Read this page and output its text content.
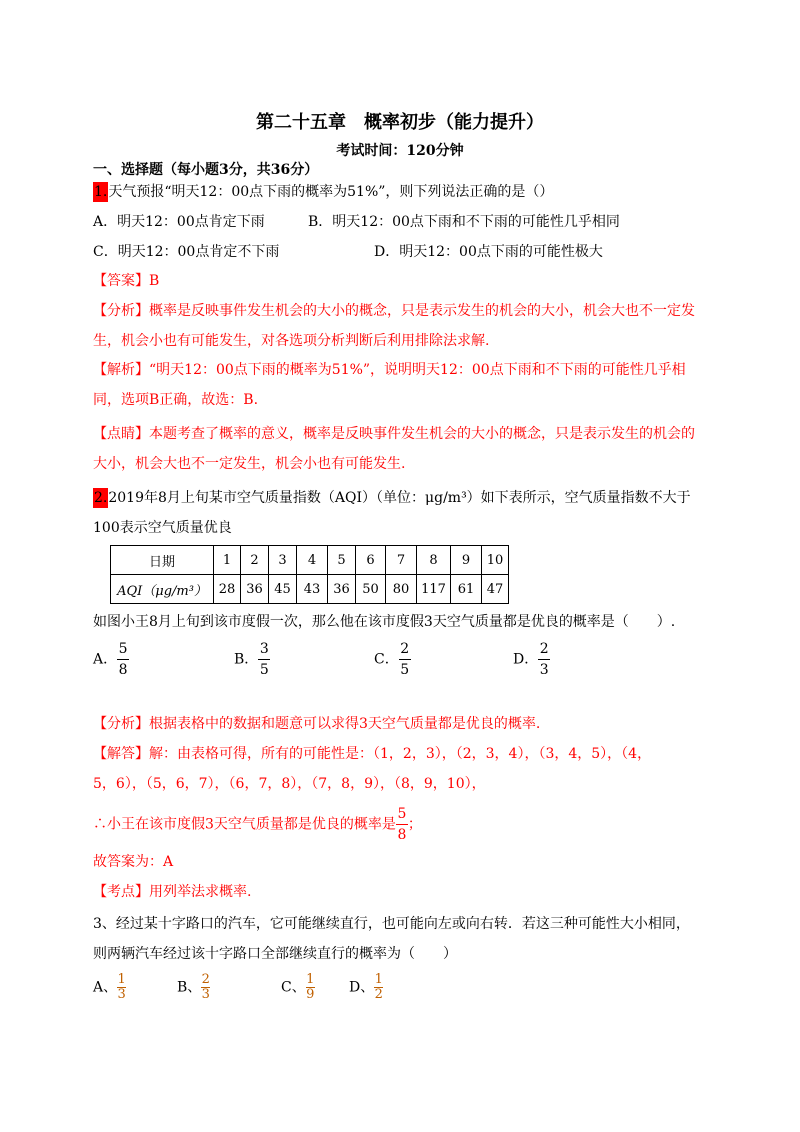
第二十五章　概率初步（能力提升）
考试时间：120分钟
一、选择题（每小题3分，共36分）
1.天气预报“明天12：00点下雨的概率为51%”，则下列说法正确的是（）
A．明天12：00点肯定下雨	B．明天12：00点下雨和不下雨的可能性几乎相同
C．明天12：00点肯定不下雨	D．明天12：00点下雨的可能性极大
【答案】B
【分析】概率是反映事件发生机会的大小的概念，只是表示发生的机会的大小，机会大也不一定发
生，机会小也有可能发生，对各选项分析判断后利用排除法求解.
【解析】“明天12：00点下雨的概率为51%”，说明明天12：00点下雨和不下雨的可能性几乎相
同，选项B正确，故选：B.
【点睛】本题考查了概率的意义，概率是反映事件发生机会的大小的概念，只是表示发生的机会的
大小，机会大也不一定发生，机会小也有可能发生.
2.2019年8月上旬某市空气质量指数（AQI）（单位：μg/m³）如下表所示，空气质量指数不大于
100表示空气质量优良
日期	1	2	3	4	5	6	7	8	9	10
AQI（μg/m³）	28	36	45	43	36	50	80	117	61	47
如图小王8月上旬到该市度假一次，那么他在该市度假3天空气质量都是优良的概率是（　　）.
A． $\frac{5}{8}$	B． $\frac{3}{5}$	C． $\frac{2}{5}$	D． $\frac{2}{3}$
【分析】根据表格中的数据和题意可以求得3天空气质量都是优良的概率.
【解答】解：由表格可得，所有的可能性是：（1，2，3），（2，3，4），（3，4，5），（4，
5，6），（5，6，7），（6，7，8），（7，8，9），（8，9，10），
∴小王在该市度假3天空气质量都是优良的概率是 $\frac{5}{8}$ ；
故答案为：A
【考点】用列举法求概率.
3、经过某十字路口的汽车，它可能继续直行，也可能向左或向右转．若这三种可能性大小相同，
则两辆汽车经过该十字路口全部继续直行的概率为（　　）
A、 $\frac{1}{3}$	B、 $\frac{2}{3}$	C、 $\frac{1}{9}$ D、 $\frac{1}{2}$
